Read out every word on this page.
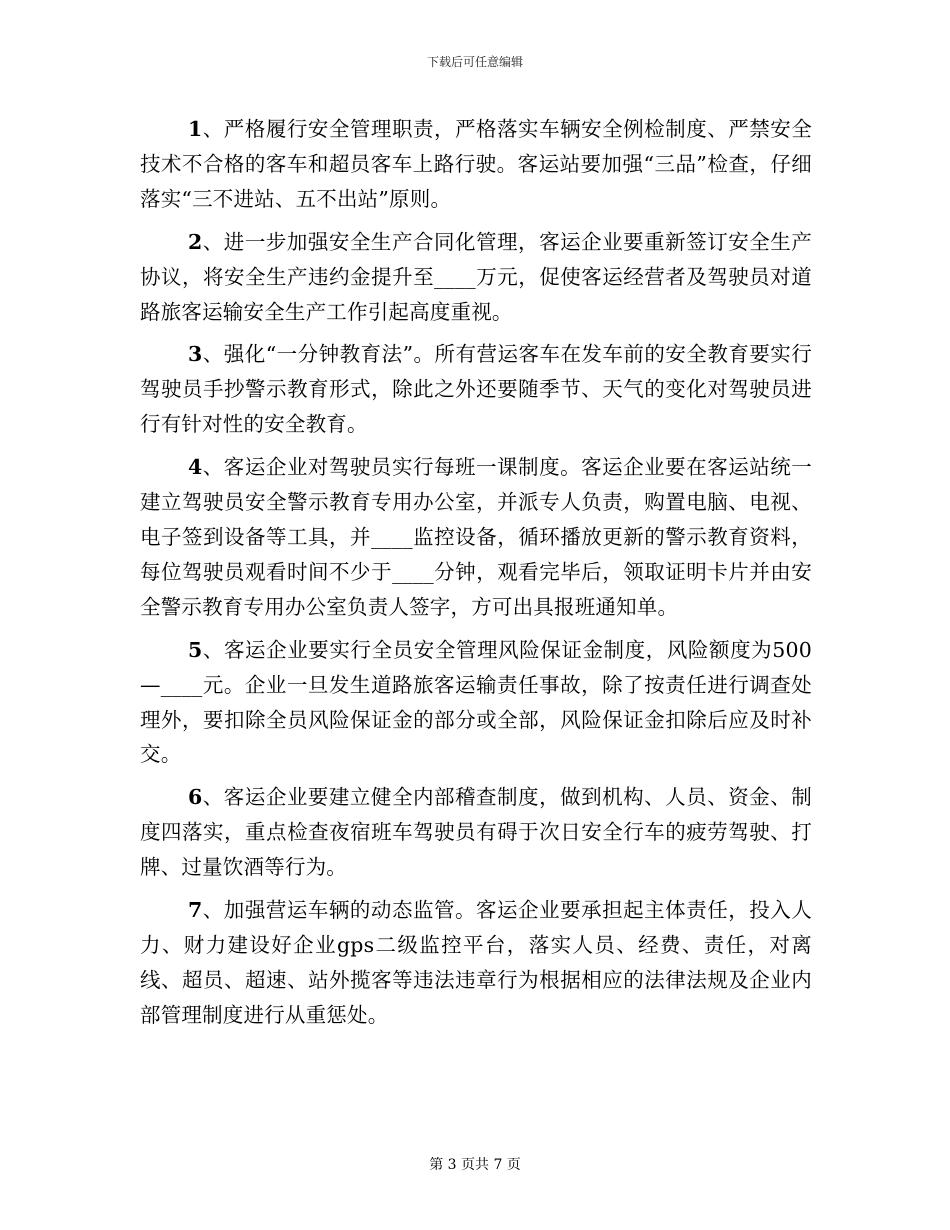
下载后可任意编辑

1、严格履行安全管理职责，严格落实车辆安全例检制度、严禁安全技术不合格的客车和超员客车上路行驶。客运站要加强“三品”检查，仔细落实“三不进站、五不出站”原则。

2、进一步加强安全生产合同化管理，客运企业要重新签订安全生产协议，将安全生产违约金提升至____万元，促使客运经营者及驾驶员对道路旅客运输安全生产工作引起高度重视。

3、强化“一分钟教育法”。所有营运客车在发车前的安全教育要实行驾驶员手抄警示教育形式，除此之外还要随季节、天气的变化对驾驶员进行有针对性的安全教育。

4、客运企业对驾驶员实行每班一课制度。客运企业要在客运站统一建立驾驶员安全警示教育专用办公室，并派专人负责，购置电脑、电视、电子签到设备等工具，并____监控设备，循环播放更新的警示教育资料，每位驾驶员观看时间不少于____分钟，观看完毕后，领取证明卡片并由安全警示教育专用办公室负责人签字，方可出具报班通知单。

5、客运企业要实行全员安全管理风险保证金制度，风险额度为500—____元。企业一旦发生道路旅客运输责任事故，除了按责任进行调查处理外，要扣除全员风险保证金的部分或全部，风险保证金扣除后应及时补交。

6、客运企业要建立健全内部稽查制度，做到机构、人员、资金、制度四落实，重点检查夜宿班车驾驶员有碍于次日安全行车的疲劳驾驶、打牌、过量饮酒等行为。

7、加强营运车辆的动态监管。客运企业要承担起主体责任，投入人力、财力建设好企业gps二级监控平台，落实人员、经费、责任，对离线、超员、超速、站外揽客等违法违章行为根据相应的法律法规及企业内部管理制度进行从重惩处。

第 3 页共 7 页
